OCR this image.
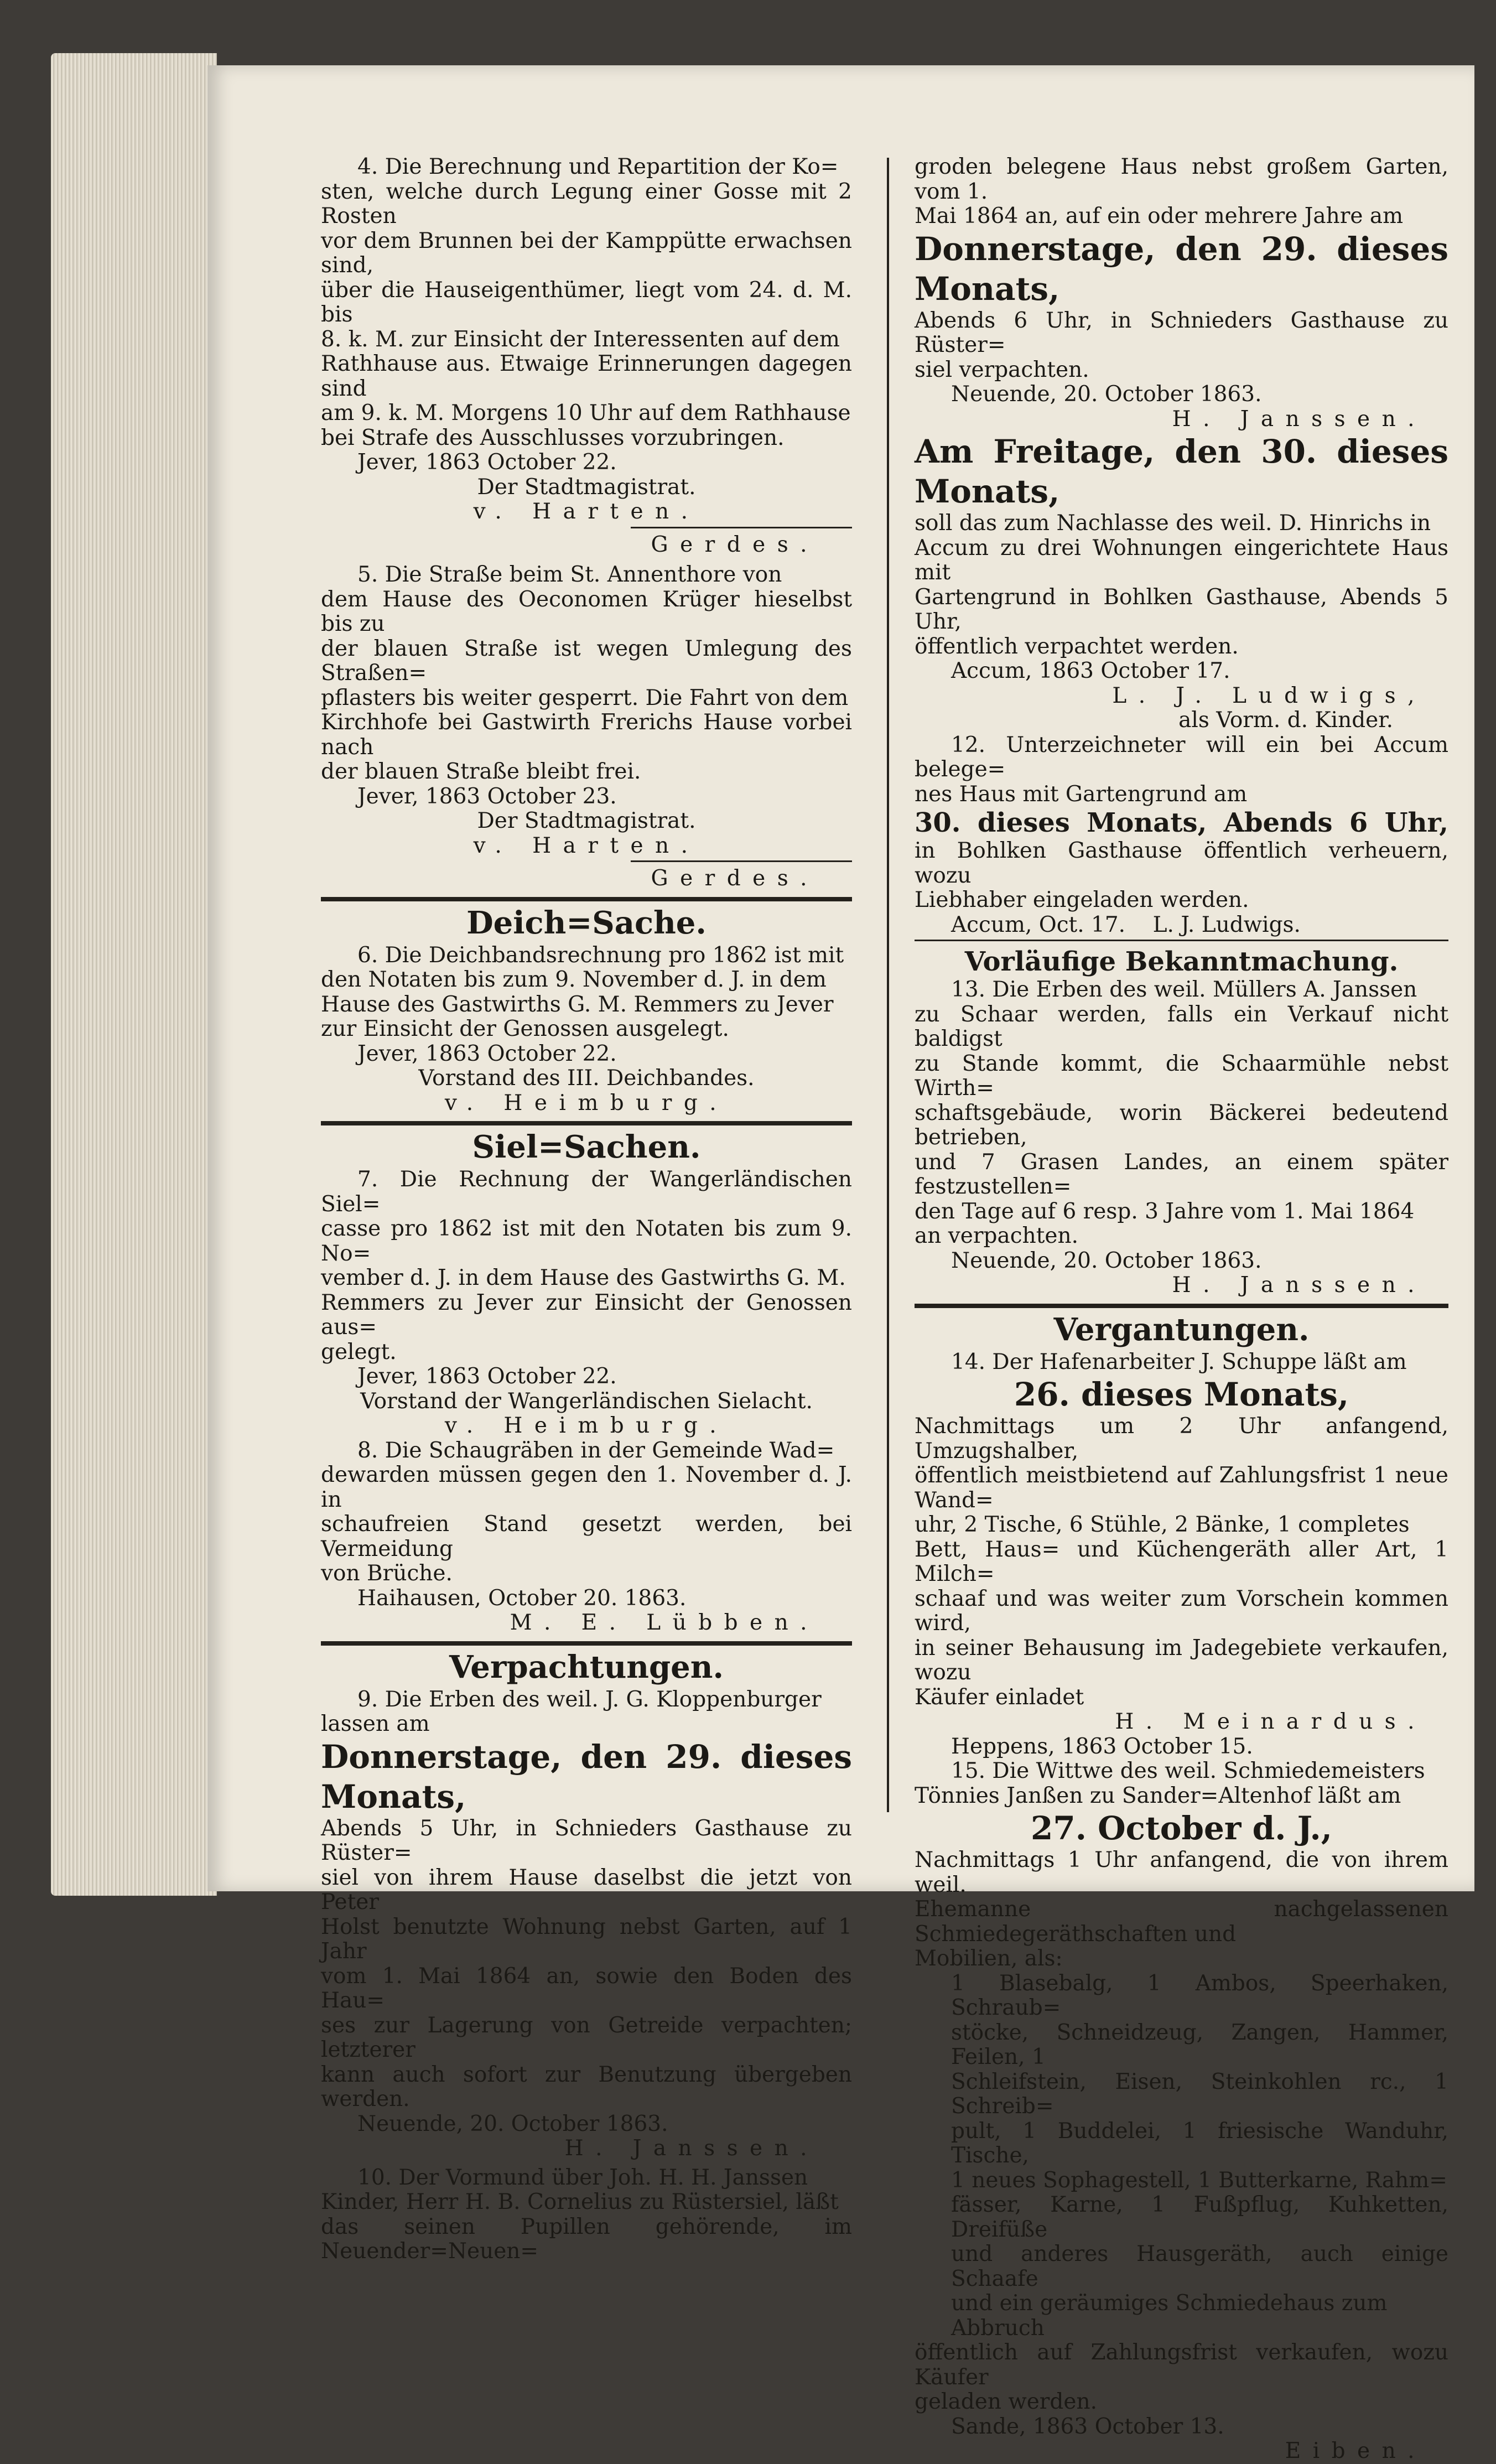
4. Die Berechnung und Repartition der Ko=

sten, welche durch Legung einer Gosse mit 2 Rosten

vor dem Brunnen bei der Kamppütte erwachsen sind,

über die Hauseigenthümer, liegt vom 24. d. M. bis

8. k. M. zur Einsicht der Interessenten auf dem

Rathhause aus. Etwaige Erinnerungen dagegen sind

am 9. k. M. Morgens 10 Uhr auf dem Rathhause

bei Strafe des Ausschlusses vorzubringen.

Jever, 1863 October 22.

Der Stadtmagistrat.

v. Harten.

Gerdes.

5. Die Straße beim St. Annenthore von

dem Hause des Oeconomen Krüger hieselbst bis zu

der blauen Straße ist wegen Umlegung des Straßen=

pflasters bis weiter gesperrt. Die Fahrt von dem

Kirchhofe bei Gastwirth Frerichs Hause vorbei nach

der blauen Straße bleibt frei.

Jever, 1863 October 23.

Der Stadtmagistrat.

v. Harten.

Gerdes.

Deich=Sache.

6. Die Deichbandsrechnung pro 1862 ist mit

den Notaten bis zum 9. November d. J. in dem

Hause des Gastwirths G. M. Remmers zu Jever

zur Einsicht der Genossen ausgelegt.

Jever, 1863 October 22.

Vorstand des III. Deichbandes.

v. Heimburg.

Siel=Sachen.

7. Die Rechnung der Wangerländischen Siel=

casse pro 1862 ist mit den Notaten bis zum 9. No=

vember d. J. in dem Hause des Gastwirths G. M.

Remmers zu Jever zur Einsicht der Genossen aus=

gelegt.

Jever, 1863 October 22.

Vorstand der Wangerländischen Sielacht.

v. Heimburg.

8. Die Schaugräben in der Gemeinde Wad=

dewarden müssen gegen den 1. November d. J. in

schaufreien Stand gesetzt werden, bei Vermeidung

von Brüche.

Haihausen, October 20. 1863.

M. E. Lübben.

Verpachtungen.

9. Die Erben des weil. J. G. Kloppenburger

lassen am

Donnerstage, den 29. dieses Monats,

Abends 5 Uhr, in Schnieders Gasthause zu Rüster=

siel von ihrem Hause daselbst die jetzt von Peter

Holst benutzte Wohnung nebst Garten, auf 1 Jahr

vom 1. Mai 1864 an, sowie den Boden des Hau=

ses zur Lagerung von Getreide verpachten; letzterer

kann auch sofort zur Benutzung übergeben werden.

Neuende, 20. October 1863.

H. Janssen.

10. Der Vormund über Joh. H. H. Janssen

Kinder, Herr H. B. Cornelius zu Rüstersiel, läßt

das seinen Pupillen gehörende, im Neuender=Neuen=

groden belegene Haus nebst großem Garten, vom 1.

Mai 1864 an, auf ein oder mehrere Jahre am

Donnerstage, den 29. dieses Monats,

Abends 6 Uhr, in Schnieders Gasthause zu Rüster=

siel verpachten.

Neuende, 20. October 1863.

H. Janssen.

Am Freitage, den 30. dieses Monats,

soll das zum Nachlasse des weil. D. Hinrichs in

Accum zu drei Wohnungen eingerichtete Haus mit

Gartengrund in Bohlken Gasthause, Abends 5 Uhr,

öffentlich verpachtet werden.

Accum, 1863 October 17.

L. J. Ludwigs,

als Vorm. d. Kinder.

12. Unterzeichneter will ein bei Accum belege=

nes Haus mit Gartengrund am

30. dieses Monats, Abends 6 Uhr,

in Bohlken Gasthause öffentlich verheuern, wozu

Liebhaber eingeladen werden.

Accum, Oct. 17.    L. J. Ludwigs.

Vorläufige Bekanntmachung.

13. Die Erben des weil. Müllers A. Janssen

zu Schaar werden, falls ein Verkauf nicht baldigst

zu Stande kommt, die Schaarmühle nebst Wirth=

schaftsgebäude, worin Bäckerei bedeutend betrieben,

und 7 Grasen Landes, an einem später festzustellen=

den Tage auf 6 resp. 3 Jahre vom 1. Mai 1864

an verpachten.

Neuende, 20. October 1863.

H. Janssen.

Vergantungen.

14. Der Hafenarbeiter J. Schuppe läßt am

26. dieses Monats,

Nachmittags um 2 Uhr anfangend, Umzugshalber,

öffentlich meistbietend auf Zahlungsfrist 1 neue Wand=

uhr, 2 Tische, 6 Stühle, 2 Bänke, 1 completes

Bett, Haus= und Küchengeräth aller Art, 1 Milch=

schaaf und was weiter zum Vorschein kommen wird,

in seiner Behausung im Jadegebiete verkaufen, wozu

Käufer einladet

H. Meinardus.

Heppens, 1863 October 15.

15. Die Wittwe des weil. Schmiedemeisters

Tönnies Janßen zu Sander=Altenhof läßt am

27. October d. J.,

Nachmittags 1 Uhr anfangend, die von ihrem weil.

Ehemanne nachgelassenen Schmiedegeräthschaften und

Mobilien, als:

1 Blasebalg, 1 Ambos, Speerhaken, Schraub=

stöcke, Schneidzeug, Zangen, Hammer, Feilen, 1

Schleifstein, Eisen, Steinkohlen rc., 1 Schreib=

pult, 1 Buddelei, 1 friesische Wanduhr, Tische,

1 neues Sophagestell, 1 Butterkarne, Rahm=

fässer, Karne, 1 Fußpflug, Kuhketten, Dreifüße

und anderes Hausgeräth, auch einige Schaafe

und ein geräumiges Schmiedehaus zum

Abbruch

öffentlich auf Zahlungsfrist verkaufen, wozu Käufer

geladen werden.

Sande, 1863 October 13.

Eiben.
